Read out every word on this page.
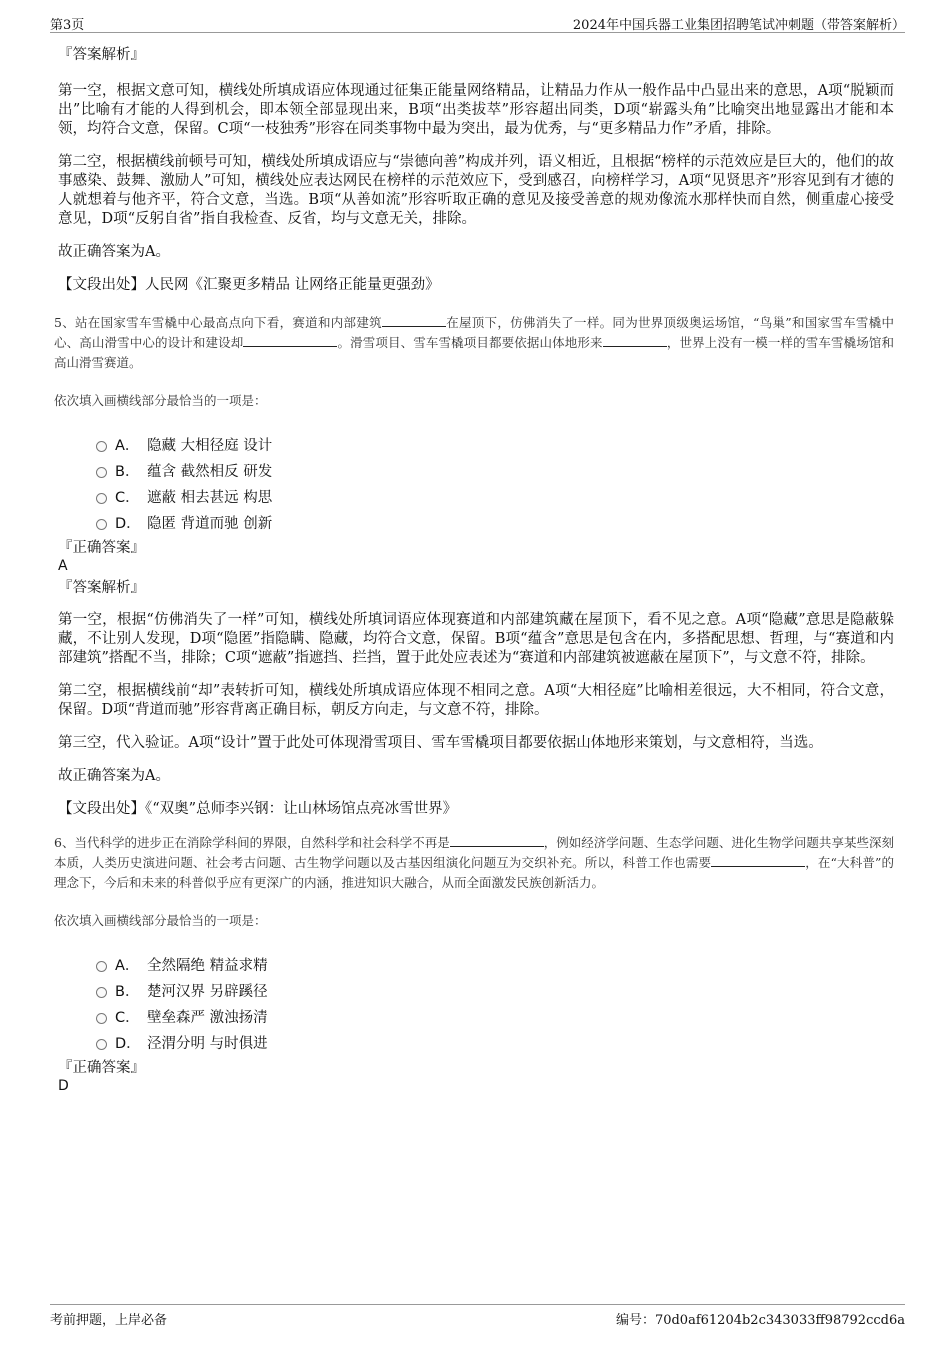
第3页	2024年中国兵器工业集团招聘笔试冲刺题（带答案解析）
『答案解析』

第一空，根据文意可知，横线处所填成语应体现通过征集正能量网络精品，让精品力作从一般作品中凸显出来的意思，A项“脱颖而出”比喻有才能的人得到机会，即本领全部显现出来，B项“出类拔萃”形容超出同类，D项“崭露头角”比喻突出地显露出才能和本领，均符合文意，保留。C项“一枝独秀”形容在同类事物中最为突出，最为优秀，与“更多精品力作”矛盾，排除。

第二空，根据横线前顿号可知，横线处所填成语应与“崇德向善”构成并列，语义相近，且根据“榜样的示范效应是巨大的，他们的故事感染、鼓舞、激励人”可知，横线处应表达网民在榜样的示范效应下，受到感召，向榜样学习，A项“见贤思齐”形容见到有才德的人就想着与他齐平，符合文意，当选。B项“从善如流”形容听取正确的意见及接受善意的规劝像流水那样快而自然，侧重虚心接受意见，D项“反躬自省”指自我检查、反省，均与文意无关，排除。

故正确答案为A。

【文段出处】人民网《汇聚更多精品 让网络正能量更强劲》

5、站在国家雪车雪橇中心最高点向下看，赛道和内部建筑	在屋顶下，仿佛消失了一样。同为世界顶级奥运场馆，“鸟巢”和国家雪车雪橇中心、高山滑雪中心的设计和建设却	。滑雪项目、雪车雪橇项目都要依据山体地形来	，世界上没有一模一样的雪车雪橇场馆和高山滑雪赛道。
依次填入画横线部分最恰当的一项是：
A． 隐藏 大相径庭 设计
B． 蕴含 截然相反 研发
C． 遮蔽 相去甚远 构思
D． 隐匿 背道而驰 创新
『正确答案』
A
『答案解析』

第一空，根据“仿佛消失了一样”可知，横线处所填词语应体现赛道和内部建筑藏在屋顶下，看不见之意。A项“隐藏”意思是隐蔽躲藏，不让别人发现，D项“隐匿”指隐瞒、隐藏，均符合文意，保留。B项“蕴含”意思是包含在内，多搭配思想、哲理，与“赛道和内部建筑”搭配不当，排除；C项“遮蔽”指遮挡、拦挡，置于此处应表述为“赛道和内部建筑被遮蔽在屋顶下”，与文意不符，排除。

第二空，根据横线前“却”表转折可知，横线处所填成语应体现不相同之意。A项“大相径庭”比喻相差很远，大不相同，符合文意，保留。D项“背道而驰”形容背离正确目标，朝反方向走，与文意不符，排除。

第三空，代入验证。A项“设计”置于此处可体现滑雪项目、雪车雪橇项目都要依据山体地形来策划，与文意相符，当选。

故正确答案为A。

【文段出处】《“双奥”总师李兴钢：让山林场馆点亮冰雪世界》

6、当代科学的进步正在消除学科间的界限，自然科学和社会科学不再是	，例如经济学问题、生态学问题、进化生物学问题共享某些深刻本质，人类历史演进问题、社会考古问题、古生物学问题以及古基因组演化问题互为交织补充。所以，科普工作也需要	，在“大科普”的理念下，今后和未来的科普似乎应有更深广的内涵，推进知识大融合，从而全面激发民族创新活力。
依次填入画横线部分最恰当的一项是：
A． 全然隔绝 精益求精
B． 楚河汉界 另辟蹊径
C． 壁垒森严 激浊扬清
D． 泾渭分明 与时俱进
『正确答案』
D
考前押题，上岸必备	编号：70d0af61204b2c343033ff98792ccd6a
